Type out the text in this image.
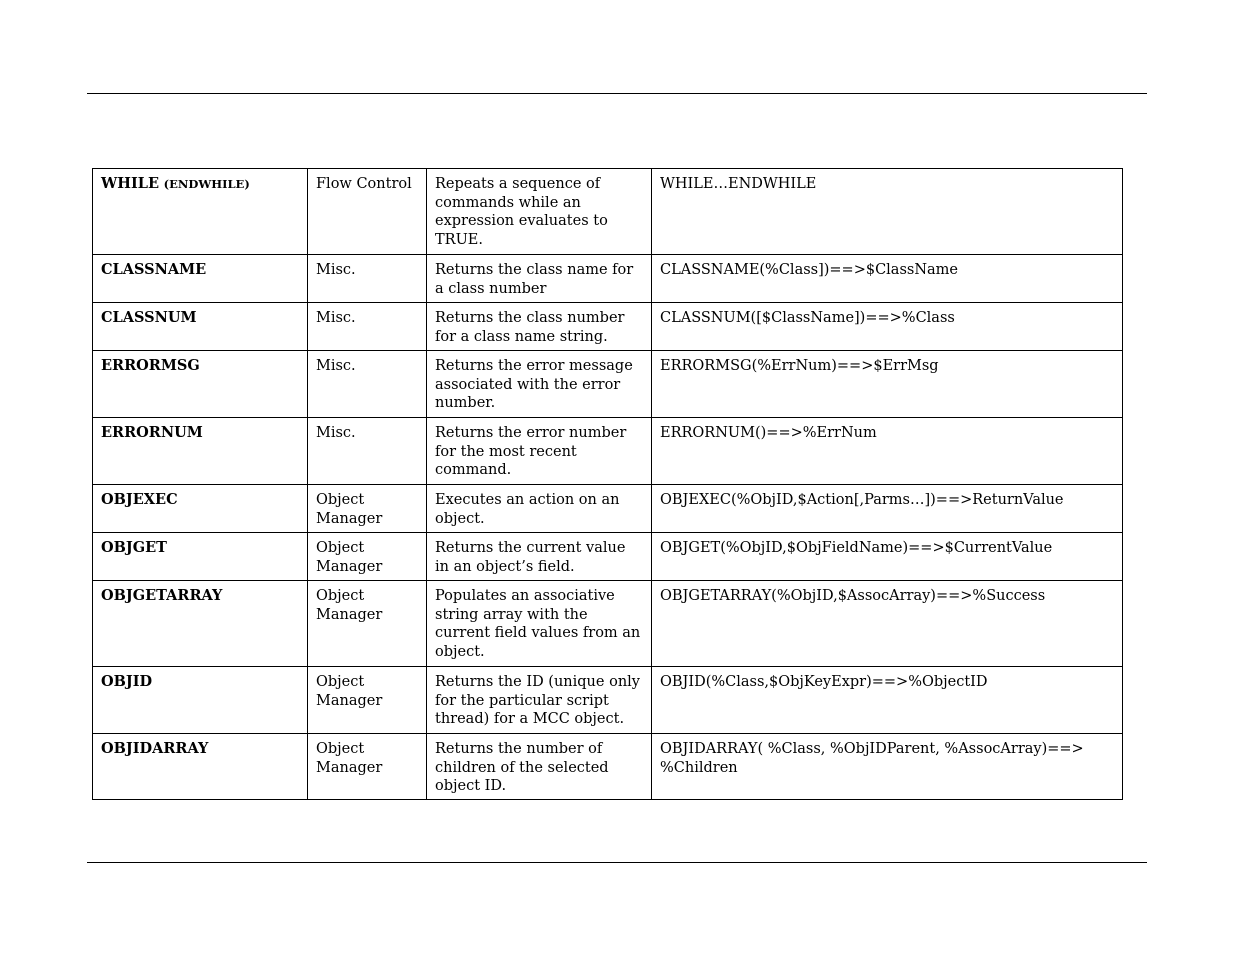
WHILE (ENDWHILE)	Flow Control	Repeats a sequence of commands while an expression evaluates to TRUE.	WHILE…ENDWHILE
CLASSNAME	Misc.	Returns the class name for a class number	CLASSNAME(%Class])==>$ClassName
CLASSNUM	Misc.	Returns the class number for a class name string.	CLASSNUM([$ClassName])==>%Class
ERRORMSG	Misc.	Returns the error message associated with the error number.	ERRORMSG(%ErrNum)==>$ErrMsg
ERRORNUM	Misc.	Returns the error number for the most recent command.	ERRORNUM()==>%ErrNum
OBJEXEC	Object Manager	Executes an action on an object.	OBJEXEC(%ObjID,$Action[,Parms…])==>ReturnValue
OBJGET	Object Manager	Returns the current value in an object’s field.	OBJGET(%ObjID,$ObjFieldName)==>$CurrentValue
OBJGETARRAY	Object Manager	Populates an associative string array with the current field values from an object.	OBJGETARRAY(%ObjID,$AssocArray)==>%Success
OBJID	Object Manager	Returns the ID (unique only for the particular script thread) for a MCC object.	OBJID(%Class,$ObjKeyExpr)==>%ObjectID
OBJIDARRAY	Object Manager	Returns the number of children of the selected object ID.	OBJIDARRAY( %Class, %ObjIDParent, %AssocArray)==> %Children
